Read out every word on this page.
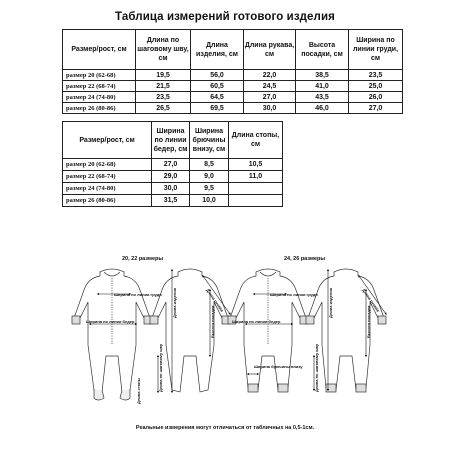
Таблица измерений готового изделия
Размер/рост, см	Длина по шаговому шву, см	Длина изделия, см	Длина рукава, см	Высота посадки, см	Ширина по линии груди, см
размер 20 (62-68)	19,5	56,0	22,0	38,5	23,5
размер 22 (68-74)	21,5	60,5	24,5	41,0	25,0
размер 24 (74-80)	23,5	64,5	27,0	43,5	26,0
размер 26 (80-86)	26,5	69,5	30,0	46,0	27,0
Размер/рост, см	Ширина по линии бедер, см	Ширина брючины внизу, см	Длина стопы, см
размер 20 (62-68)	27,0	8,5	10,5
размер 22 (68-74)	29,0	9,0	11,0
размер 24 (74-80)	30,0	9,5	
размер 26 (80-86)	31,5	10,0	
20, 22 размеры
Ширина по линии груди
Ширина по линии бедер
Длина изделия	Длина рукава
Высота посадки
Длина по шаговому шву
24, 26 размеры
Ширина по линии груди
Ширина по линии бедер
Ширина брючины внизу
Длина изделия	Длина рукава
Высота посадки
Длина по шаговому шву
Длина стопы
Реальные измерения могут отличаться от табличных на 0,5-1см.
